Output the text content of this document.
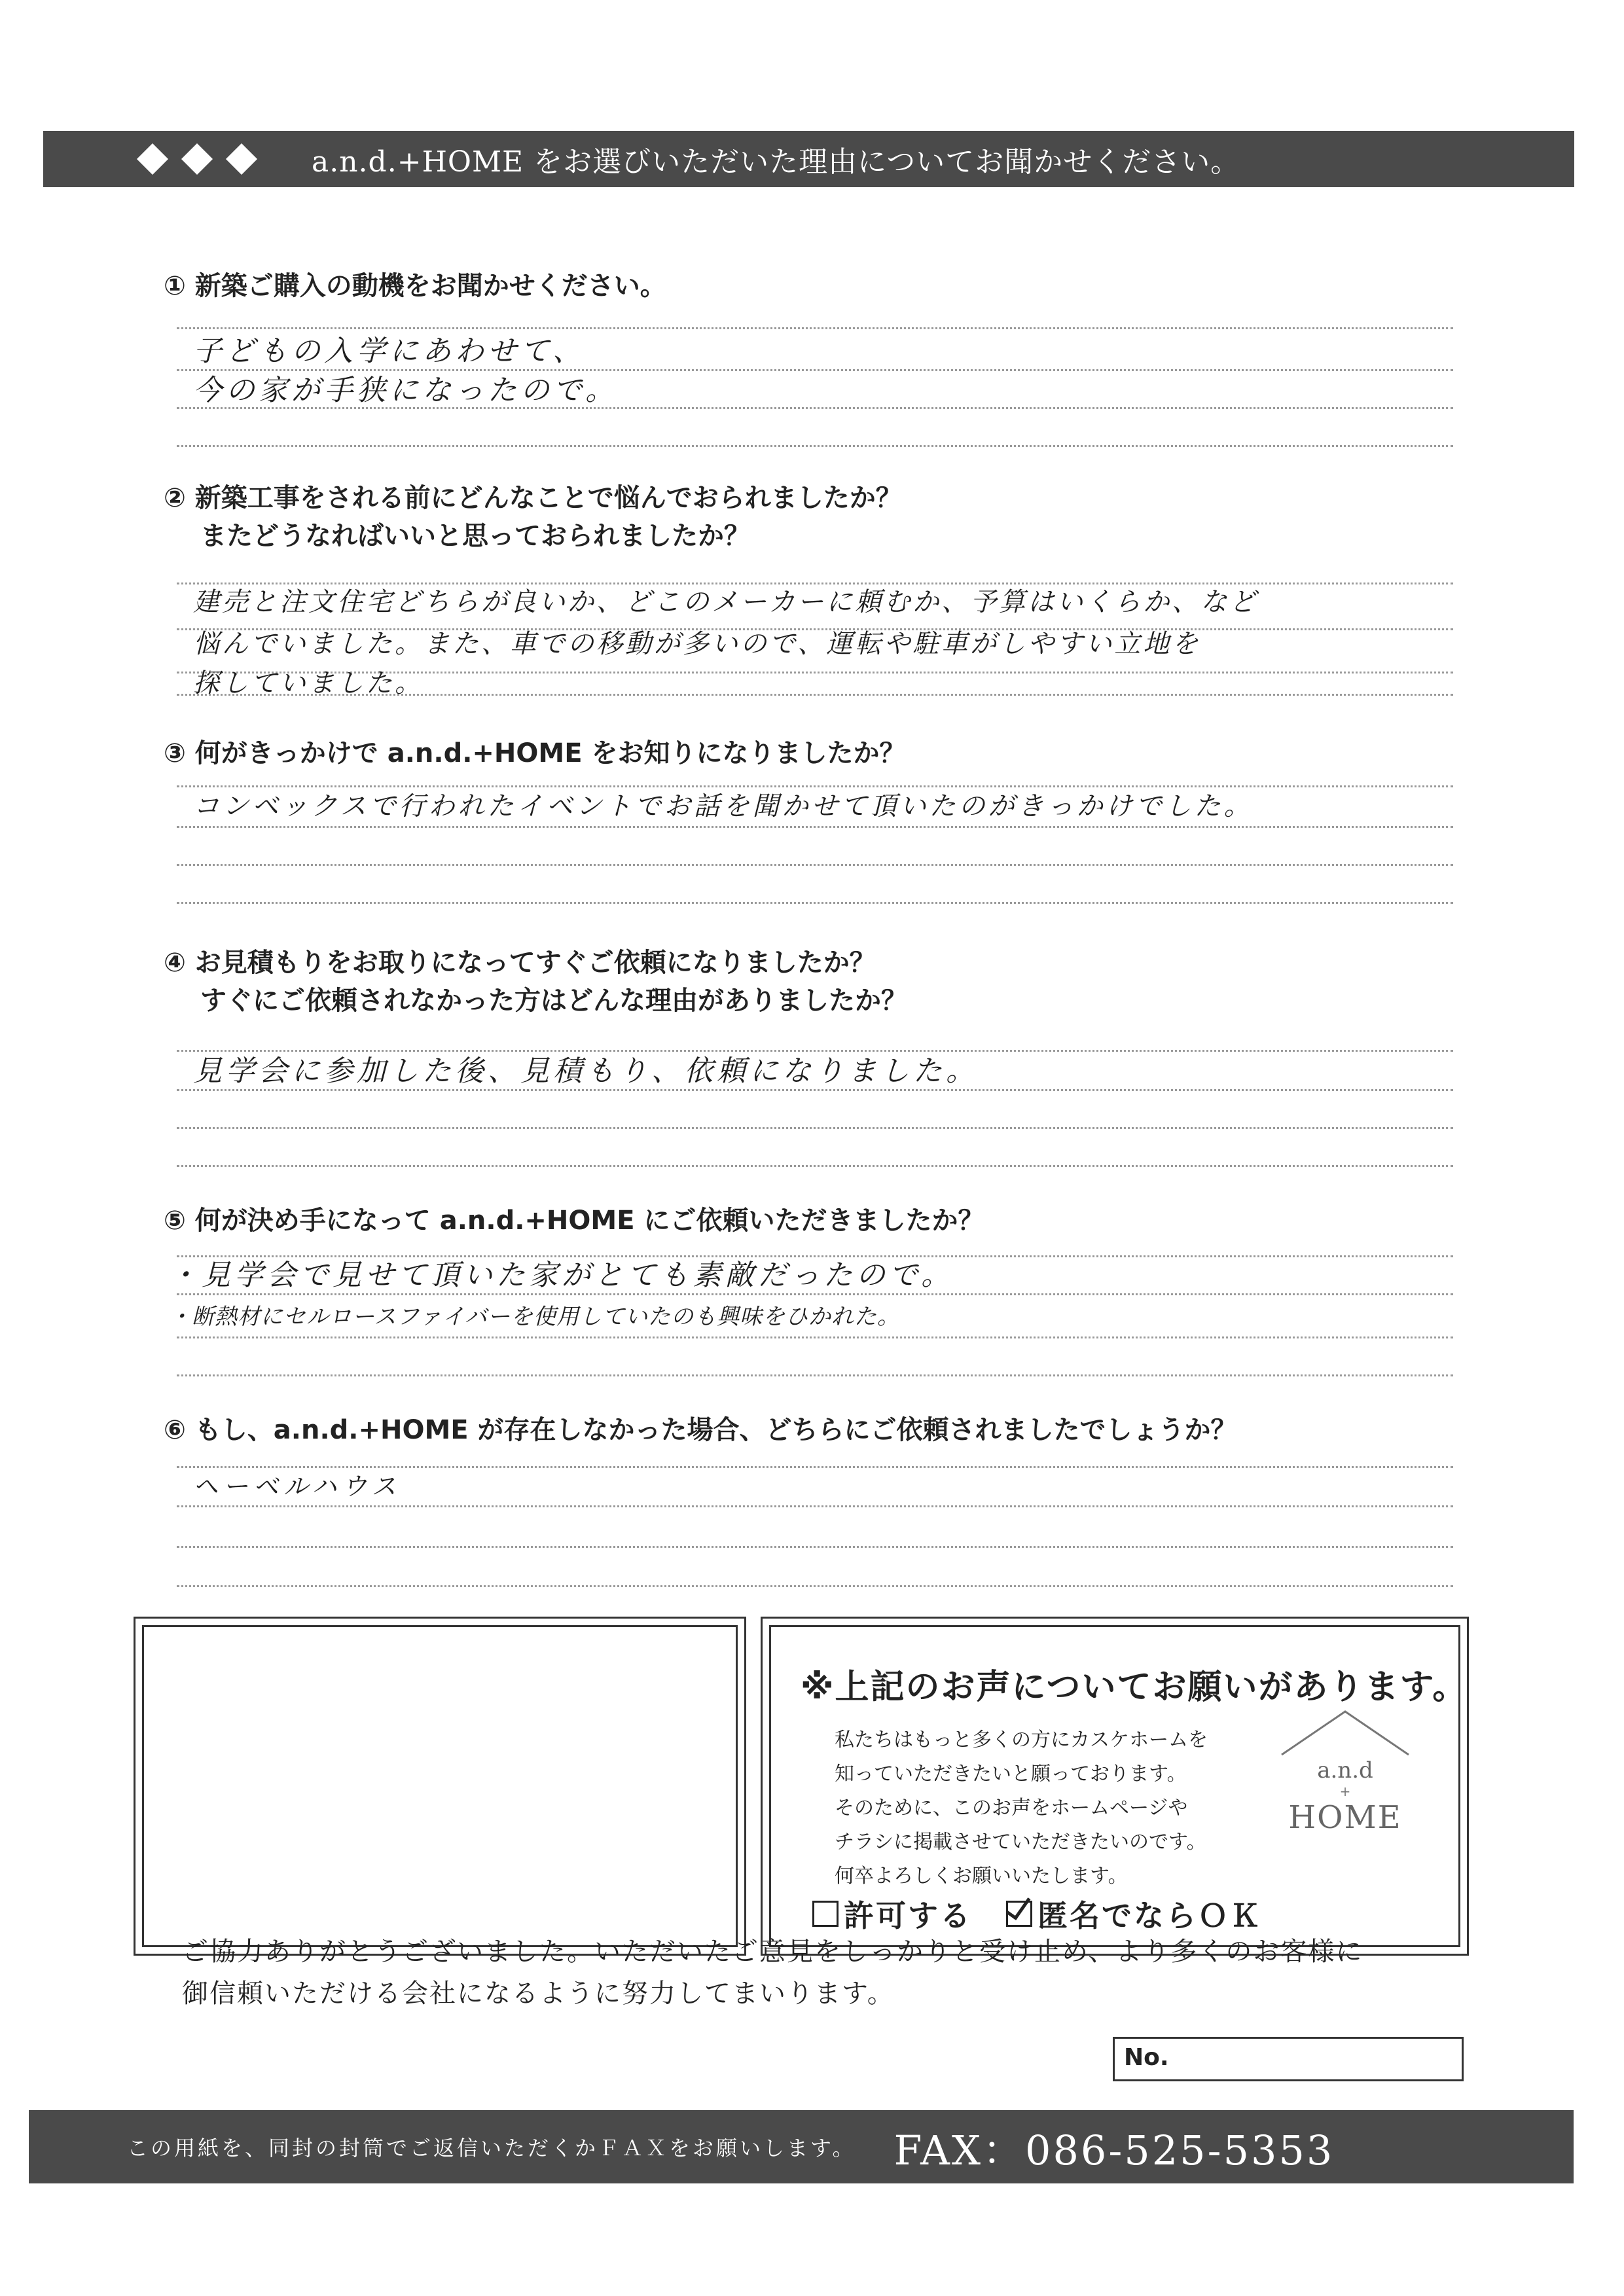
a.n.d.+HOME をお選びいただいた理由についてお聞かせください。
① 新築ご購入の動機をお聞かせください。
子どもの入学にあわせて、
今の家が手狭になったので。
② 新築工事をされる前にどんなことで悩んでおられましたか？
またどうなればいいと思っておられましたか？
建売と注文住宅どちらが良いか、どこのメーカーに頼むか、予算はいくらか、など
悩んでいました。また、車での移動が多いので、運転や駐車がしやすい立地を
探していました。
③ 何がきっかけで a.n.d.+HOME をお知りになりましたか？
コンベックスで行われたイベントでお話を聞かせて頂いたのがきっかけでした。
④ お見積もりをお取りになってすぐご依頼になりましたか？
すぐにご依頼されなかった方はどんな理由がありましたか？
見学会に参加した後、見積もり、依頼になりました。
⑤ 何が決め手になって a.n.d.+HOME にご依頼いただきましたか？
・見学会で見せて頂いた家がとても素敵だったので。
・断熱材にセルロースファイバーを使用していたのも興味をひかれた。
⑥ もし、a.n.d.+HOME が存在しなかった場合、どちらにご依頼されましたでしょうか？
ヘーベルハウス
※上記のお声についてお願いがあります。
私たちはもっと多くの方にカスケホームを
知っていただきたいと願っております。
そのために、このお声をホームページや
チラシに掲載させていただきたいのです。
何卒よろしくお願いいたします。
a.n.d
+
HOME
許可する 匿名でならＯＫ
ご協力ありがとうございました。いただいたご意見をしっかりと受け止め、より多くのお客様に
御信頼いただける会社になるように努力してまいります。
No.
この用紙を、同封の封筒でご返信いただくかＦＡＸをお願いします。 FAX：086-525-5353
